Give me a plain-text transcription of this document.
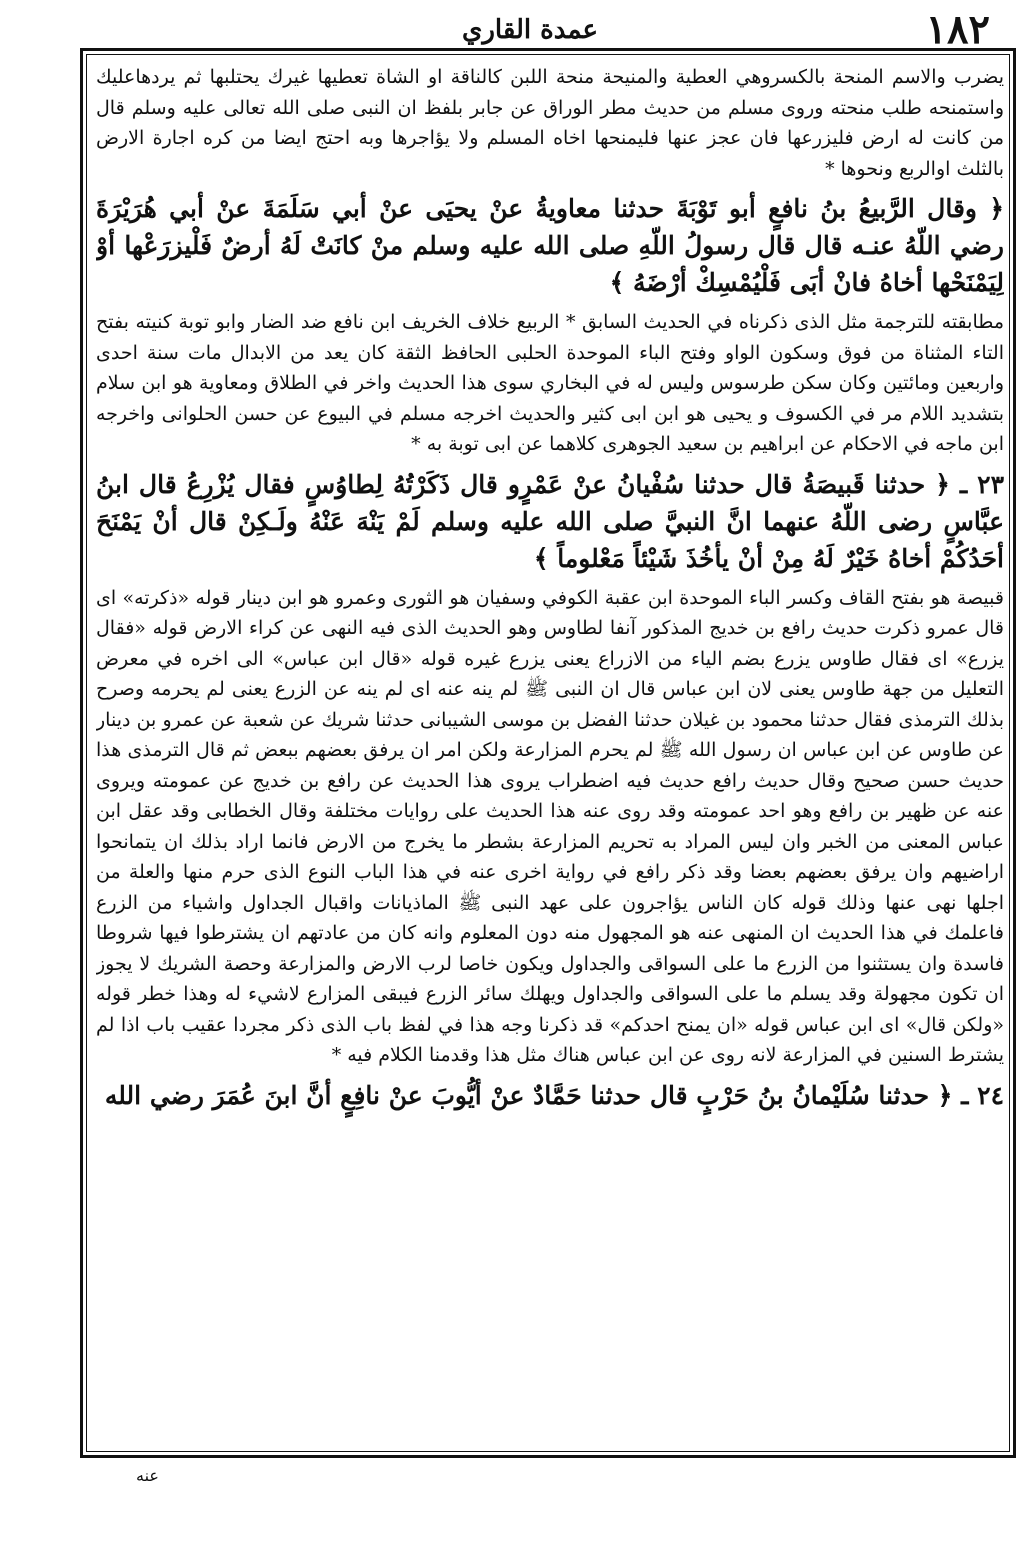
١٨٢
عمدة القاري

يضرب والاسم المنحة بالكسروهي العطية والمنيحة منحة اللبن كالناقة او الشاة تعطيها غيرك يحتلبها ثم يردهاعليك واستمنحه طلب منحته وروى مسلم من حديث مطر الوراق عن جابر بلفظ ان النبى صلى الله تعالى عليه وسلم قال من كانت له ارض فليزرعها فان عجز عنها فليمنحها اخاه المسلم ولا يؤاجرها وبه احتج ايضا من كره اجارة الارض بالثلث اوالربع ونحوها *

﴿ وقال الرَّبيعُ بنُ نافعٍ أبو تَوْبَةَ حدثنا معاويةُ عنْ يحيَى عنْ أبي سَلَمَةَ عنْ أبي هُرَيْرَةَ رضي اللّهُ عنـه قال قال رسولُ اللّهِ صلى الله عليه وسلم منْ كانَتْ لَهُ أرضٌ فَلْيزرَعْها أوْ لِيَمْنَحْها أخاهُ فانْ أبَى فَلْيُمْسِكْ أرْضَهُ ﴾

مطابقته للترجمة مثل الذى ذكرناه في الحديث السابق * الربيع خلاف الخريف ابن نافع ضد الضار وابو توبة كنيته بفتح التاء المثناة من فوق وسكون الواو وفتح الباء الموحدة الحلبى الحافظ الثقة كان يعد من الابدال مات سنة احدى واربعين ومائتين وكان سكن طرسوس وليس له في البخاري سوى هذا الحديث واخر في الطلاق ومعاوية هو ابن سلام بتشديد اللام مر في الكسوف و يحيى هو ابن ابى كثير والحديث اخرجه مسلم في البيوع عن حسن الحلوانى واخرجه ابن ماجه في الاحكام عن ابراهيم بن سعيد الجوهرى كلاهما عن ابى توبة به *

٢٣ ـ ﴿ حدثنا قَبيصَةُ قال حدثنا سُفْيانُ عنْ عَمْرٍو قال ذَكَرْتُهُ لِطاوُسٍ فقال يُزْرِعُ قال ابنُ عبَّاسٍ رضى اللّهُ عنهما انَّ النبيَّ صلى الله عليه وسلم لَمْ يَنْهَ عَنْهُ ولَـكِنْ قال أنْ يَمْنَحَ أحَدُكُمْ أخاهُ خَيْرٌ لَهُ مِنْ أنْ يأخُذَ شَيْئاً مَعْلوماً ﴾

قبيصة هو بفتح القاف وكسر الباء الموحدة ابن عقبة الكوفي وسفيان هو الثورى وعمرو هو ابن دينار قوله «ذكرته» اى قال عمرو ذكرت حديث رافع بن خديج المذكور آنفا لطاوس وهو الحديث الذى فيه النهى عن كراء الارض قوله «فقال يزرع» اى فقال طاوس يزرع بضم الياء من الازراع يعنى يزرع غيره قوله «قال ابن عباس» الى اخره في معرض التعليل من جهة طاوس يعنى لان ابن عباس قال ان النبى ﷺ لم ينه عنه اى لم ينه عن الزرع يعنى لم يحرمه وصرح بذلك الترمذى فقال حدثنا محمود بن غيلان حدثنا الفضل بن موسى الشيبانى حدثنا شريك عن شعبة عن عمرو بن دينار عن طاوس عن ابن عباس ان رسول الله ﷺ لم يحرم المزارعة ولكن امر ان يرفق بعضهم ببعض ثم قال الترمذى هذا حديث حسن صحيح وقال حديث رافع حديث فيه اضطراب يروى هذا الحديث عن رافع بن خديج عن عمومته ويروى عنه عن ظهير بن رافع وهو احد عمومته وقد روى عنه هذا الحديث على روايات مختلفة وقال الخطابى وقد عقل ابن عباس المعنى من الخبر وان ليس المراد به تحريم المزارعة بشطر ما يخرج من الارض فانما اراد بذلك ان يتمانحوا اراضيهم وان يرفق بعضهم بعضا وقد ذكر رافع في رواية اخرى عنه في هذا الباب النوع الذى حرم منها والعلة من اجلها نهى عنها وذلك قوله كان الناس يؤاجرون على عهد النبى ﷺ الماذيانات واقبال الجداول واشياء من الزرع فاعلمك في هذا الحديث ان المنهى عنه هو المجهول منه دون المعلوم وانه كان من عادتهم ان يشترطوا فيها شروطا فاسدة وان يستثنوا من الزرع ما على السواقى والجداول ويكون خاصا لرب الارض والمزارعة وحصة الشريك لا يجوز ان تكون مجهولة وقد يسلم ما على السواقى والجداول ويهلك سائر الزرع فيبقى المزارع لاشيء له وهذا خطر قوله «ولكن قال» اى ابن عباس قوله «ان يمنح احدكم» قد ذكرنا وجه هذا في لفظ باب الذى ذكر مجردا عقيب باب اذا لم يشترط السنين في المزارعة لانه روى عن ابن عباس هناك مثل هذا وقدمنا الكلام فيه *

٢٤ ـ ﴿ حدثنا سُلَيْمانُ بنُ حَرْبٍ قال حدثنا حَمَّادٌ عنْ أيُّوبَ عنْ نافِعٍ أنَّ ابنَ عُمَرَ رضي الله

عنه
